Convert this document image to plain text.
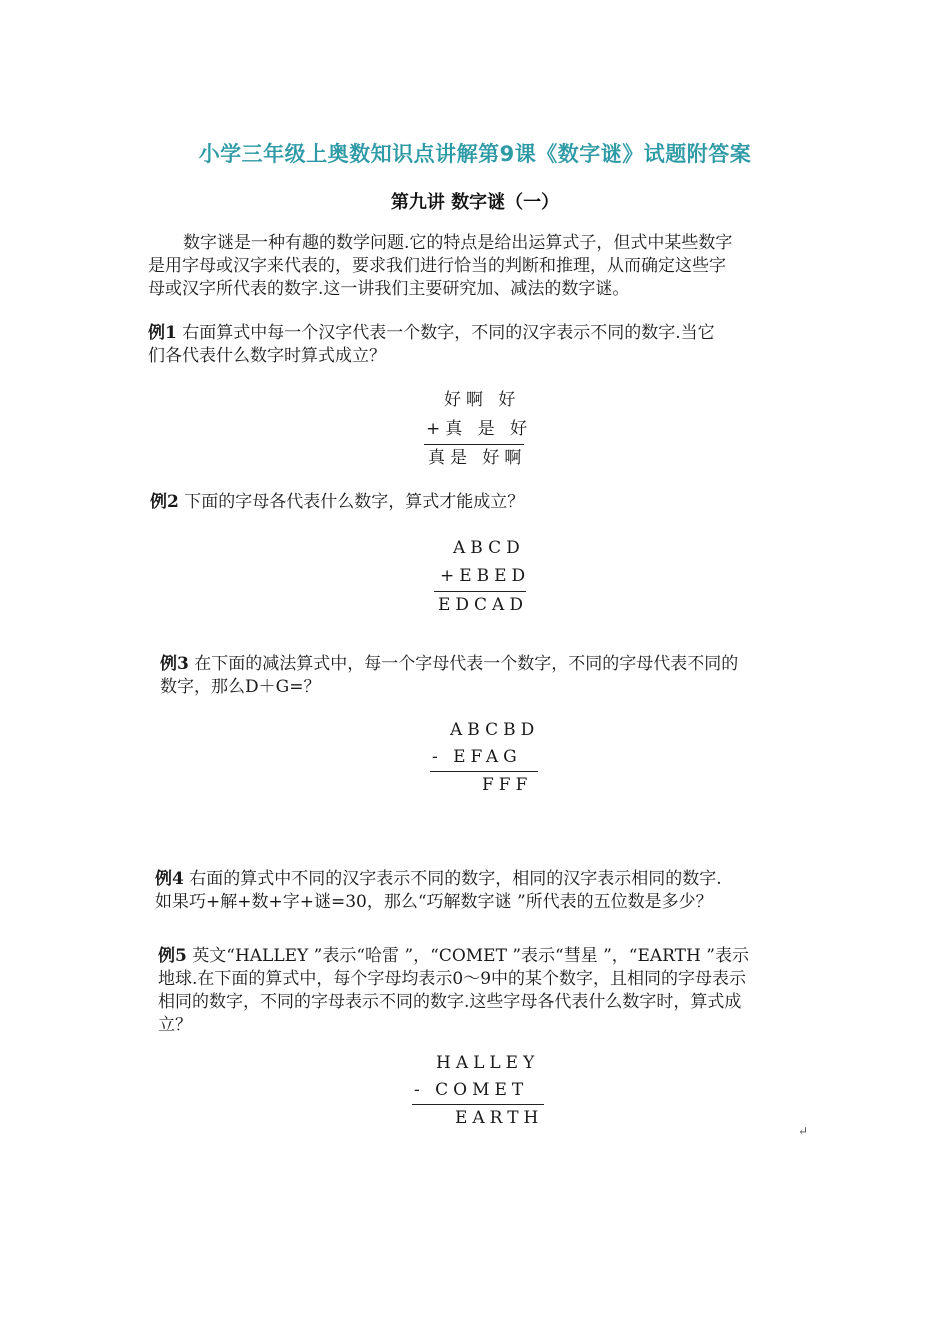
小学三年级上奥数知识点讲解第9课《数字谜》试题附答案
第九讲 数字谜（一）
数字谜是一种有趣的数学问题.它的特点是给出运算式子，但式中某些数字
是用字母或汉字来代表的，要求我们进行恰当的判断和推理，从而确定这些字
母或汉字所代表的数字.这一讲我们主要研究加、减法的数字谜。
例1 右面算式中每一个汉字代表一个数字，不同的汉字表示不同的数字.当它
们各代表什么数字时算式成立？
好啊 好
+真 是 好
真是 好啊
例2 下面的字母各代表什么数字，算式才能成立？
ABCD
+EBED
EDCAD
例3 在下面的减法算式中，每一个字母代表一个数字，不同的字母代表不同的
数字，那么D＋G=？
ABCBD
- EFAG
FFF
例4 右面的算式中不同的汉字表示不同的数字，相同的汉字表示相同的数字.
如果巧+解+数+字+谜=30，那么“巧解数字谜 ”所代表的五位数是多少？
例5 英文“HALLEY ”表示“哈雷 ”，“COMET ”表示“彗星 ”，“EARTH ”表示
地球.在下面的算式中，每个字母均表示0～9中的某个数字，且相同的字母表示
相同的数字，不同的字母表示不同的数字.这些字母各代表什么数字时，算式成
立？
HALLEY
- COMET
EARTH
↵
